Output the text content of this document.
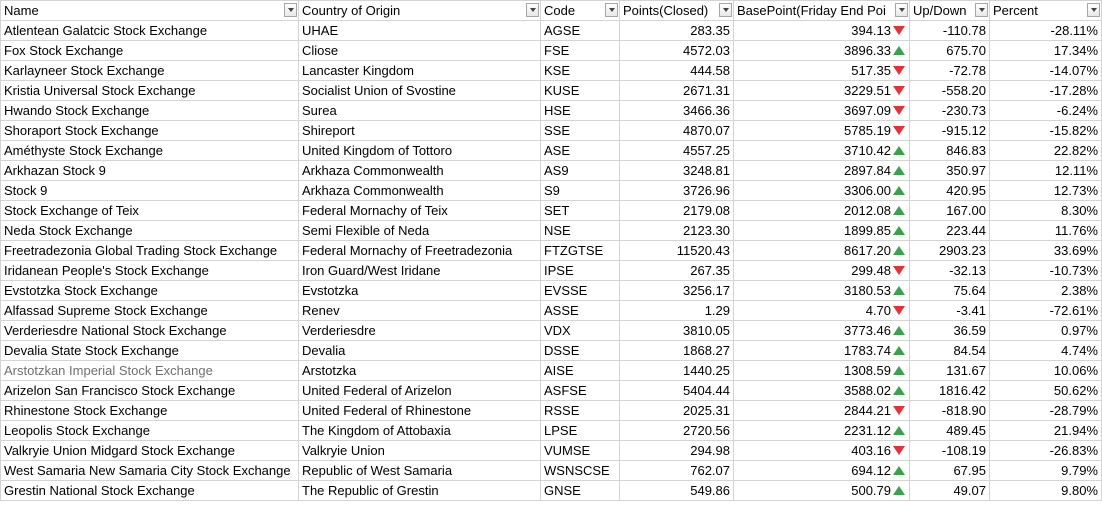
Name	Country of Origin	Code	Points(Closed)	BasePoint(Friday End Poi	Up/Down	Percent

Atlentean Galatcic Stock Exchange	UHAE	AGSE	283.35	394.13	-110.78	-28.11%
Fox Stock Exchange	Cliose	FSE	4572.03	3896.33	675.70	17.34%
Karlayneer Stock Exchange	Lancaster Kingdom	KSE	444.58	517.35	-72.78	-14.07%
Kristia Universal Stock Exchange	Socialist Union of Svostine	KUSE	2671.31	3229.51	-558.20	-17.28%
Hwando Stock Exchange	Surea	HSE	3466.36	3697.09	-230.73	-6.24%
Shoraport Stock Exchange	Shireport	SSE	4870.07	5785.19	-915.12	-15.82%
Améthyste Stock Exchange	United Kingdom of Tottoro	ASE	4557.25	3710.42	846.83	22.82%
Arkhazan Stock 9	Arkhaza Commonwealth	AS9	3248.81	2897.84	350.97	12.11%
Stock 9	Arkhaza Commonwealth	S9	3726.96	3306.00	420.95	12.73%
Stock Exchange of Teix	Federal Mornachy of Teix	SET	2179.08	2012.08	167.00	8.30%
Neda Stock Exchange	Semi Flexible of Neda	NSE	2123.30	1899.85	223.44	11.76%
Freetradezonia Global Trading Stock Exchange	Federal Mornachy of Freetradezonia	FTZGTSE	11520.43	8617.20	2903.23	33.69%
Iridanean People's Stock Exchange	Iron Guard/West Iridane	IPSE	267.35	299.48	-32.13	-10.73%
Evstotzka Stock Exchange	Evstotzka	EVSSE	3256.17	3180.53	75.64	2.38%
Alfassad Supreme Stock Exchange	Renev	ASSE	1.29	4.70	-3.41	-72.61%
Verderiesdre National Stock Exchange	Verderiesdre	VDX	3810.05	3773.46	36.59	0.97%
Devalia State Stock Exchange	Devalia	DSSE	1868.27	1783.74	84.54	4.74%
Arstotzkan Imperial Stock Exchange	Arstotzka	AISE	1440.25	1308.59	131.67	10.06%
Arizelon San Francisco Stock Exchange	United Federal of Arizelon	ASFSE	5404.44	3588.02	1816.42	50.62%
Rhinestone Stock Exchange	United Federal of Rhinestone	RSSE	2025.31	2844.21	-818.90	-28.79%
Leopolis Stock Exchange	The Kingdom of Attobaxia	LPSE	2720.56	2231.12	489.45	21.94%
Valkryie Union Midgard Stock Exchange	Valkryie Union	VUMSE	294.98	403.16	-108.19	-26.83%
West Samaria New Samaria City Stock Exchange	Republic of West Samaria	WSNSCSE	762.07	694.12	67.95	9.79%
Grestin National Stock Exchange	The Republic of Grestin	GNSE	549.86	500.79	49.07	9.80%
